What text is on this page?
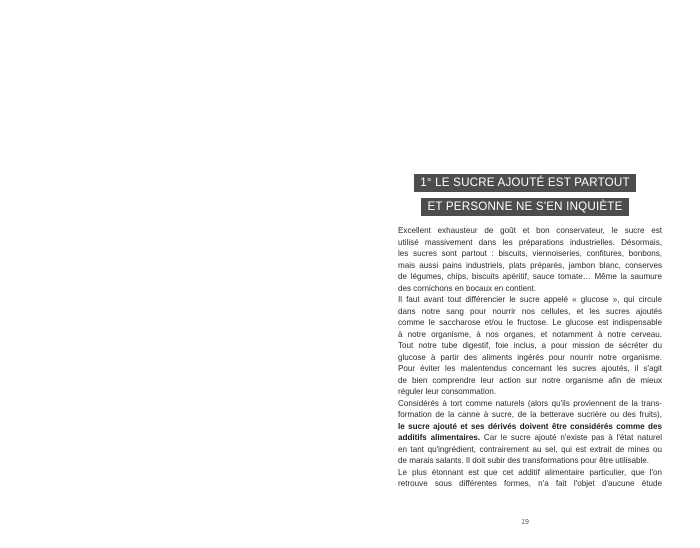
1° LE SUCRE AJOUTÉ EST PARTOUT
ET PERSONNE NE S'EN INQUIÈTE
Excellent exhausteur de goût et bon conservateur, le sucre est
utilisé massivement dans les préparations industrielles. Désormais,
les sucres sont partout : biscuits, viennoiseries, confitures, bonbons,
mais aussi pains industriels, plats préparés, jambon blanc, conserves
de légumes, chips, biscuits apéritif, sauce tomate… Même la saumure
des cornichons en bocaux en contient.
Il faut avant tout différencier le sucre appelé « glucose », qui circule
dans notre sang pour nourrir nos cellules, et les sucres ajoutés
comme le saccharose et/ou le fructose. Le glucose est indispensable
à notre organisme, à nos organes, et notamment à notre cerveau.
Tout notre tube digestif, foie inclus, a pour mission de sécréter du
glucose à partir des aliments ingérés pour nourrir notre organisme.
Pour éviter les malentendus concernant les sucres ajoutés, il s'agit
de bien comprendre leur action sur notre organisme afin de mieux
réguler leur consommation.
Considérés à tort comme naturels (alors qu'ils proviennent de la trans-
formation de la canne à sucre, de la betterave sucrière ou des fruits),
le sucre ajouté et ses dérivés doivent être considérés comme des
additifs alimentaires. Car le sucre ajouté n'existe pas à l'état naturel
en tant qu'ingrédient, contrairement au sel, qui est extrait de mines ou
de marais salants. Il doit subir des transformations pour être utilisable.
Le plus étonnant est que cet additif alimentaire particulier, que l'on
retrouve sous différentes formes, n'a fait l'objet d'aucune étude
19
